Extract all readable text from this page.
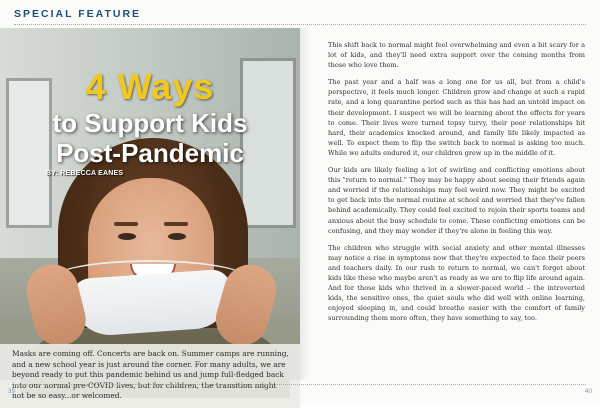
SPECIAL FEATURE
4 Ways
to Support Kids
Post-Pandemic
BY: REBECCA EANES

Masks are coming off. Concerts are back on. Summer camps are running, and a new school year is just around the corner. For many adults, we are beyond ready to put this pandemic behind us and jump full-fledged back into our normal pre-COVID lives, but for children, the transition might not be so easy...or welcomed.

This shift back to normal might feel overwhelming and even a bit scary for a lot of kids, and they'll need extra support over the coming months from those who love them.

The past year and a half was a long one for us all, but from a child's perspective, it feels much longer. Children grow and change at such a rapid rate, and a long quarantine period such as this has had an untold impact on their development. I suspect we will be learning about the effects for years to come. Their lives were turned topsy turvy, their peer relationships hit hard, their academics knocked around, and family life likely impacted as well. To expect them to flip the switch back to normal is asking too much. While we adults endured it, our children grew up in the middle of it.

Our kids are likely feeling a lot of swirling and conflicting emotions about this "return to normal." They may be happy about seeing their friends again and worried if the relationships may feel weird now. They might be excited to get back into the normal routine at school and worried that they've fallen behind academically. They could feel excited to rejoin their sports teams and anxious about the busy schedule to come. These conflicting emotions can be confusing, and they may wonder if they're alone in feeling this way.

The children who struggle with social anxiety and other mental illnesses may notice a rise in symptoms now that they're expected to face their peers and teachers daily. In our rush to return to normal, we can't forget about kids like these who maybe aren't as ready as we are to flip life around again. And for those kids who thrived in a slower-paced world – the introverted kids, the sensitive ones, the quiet souls who did well with online learning, enjoyed sleeping in, and could breathe easier with the comfort of family surrounding them more often, they have something to say, too.

39	40
